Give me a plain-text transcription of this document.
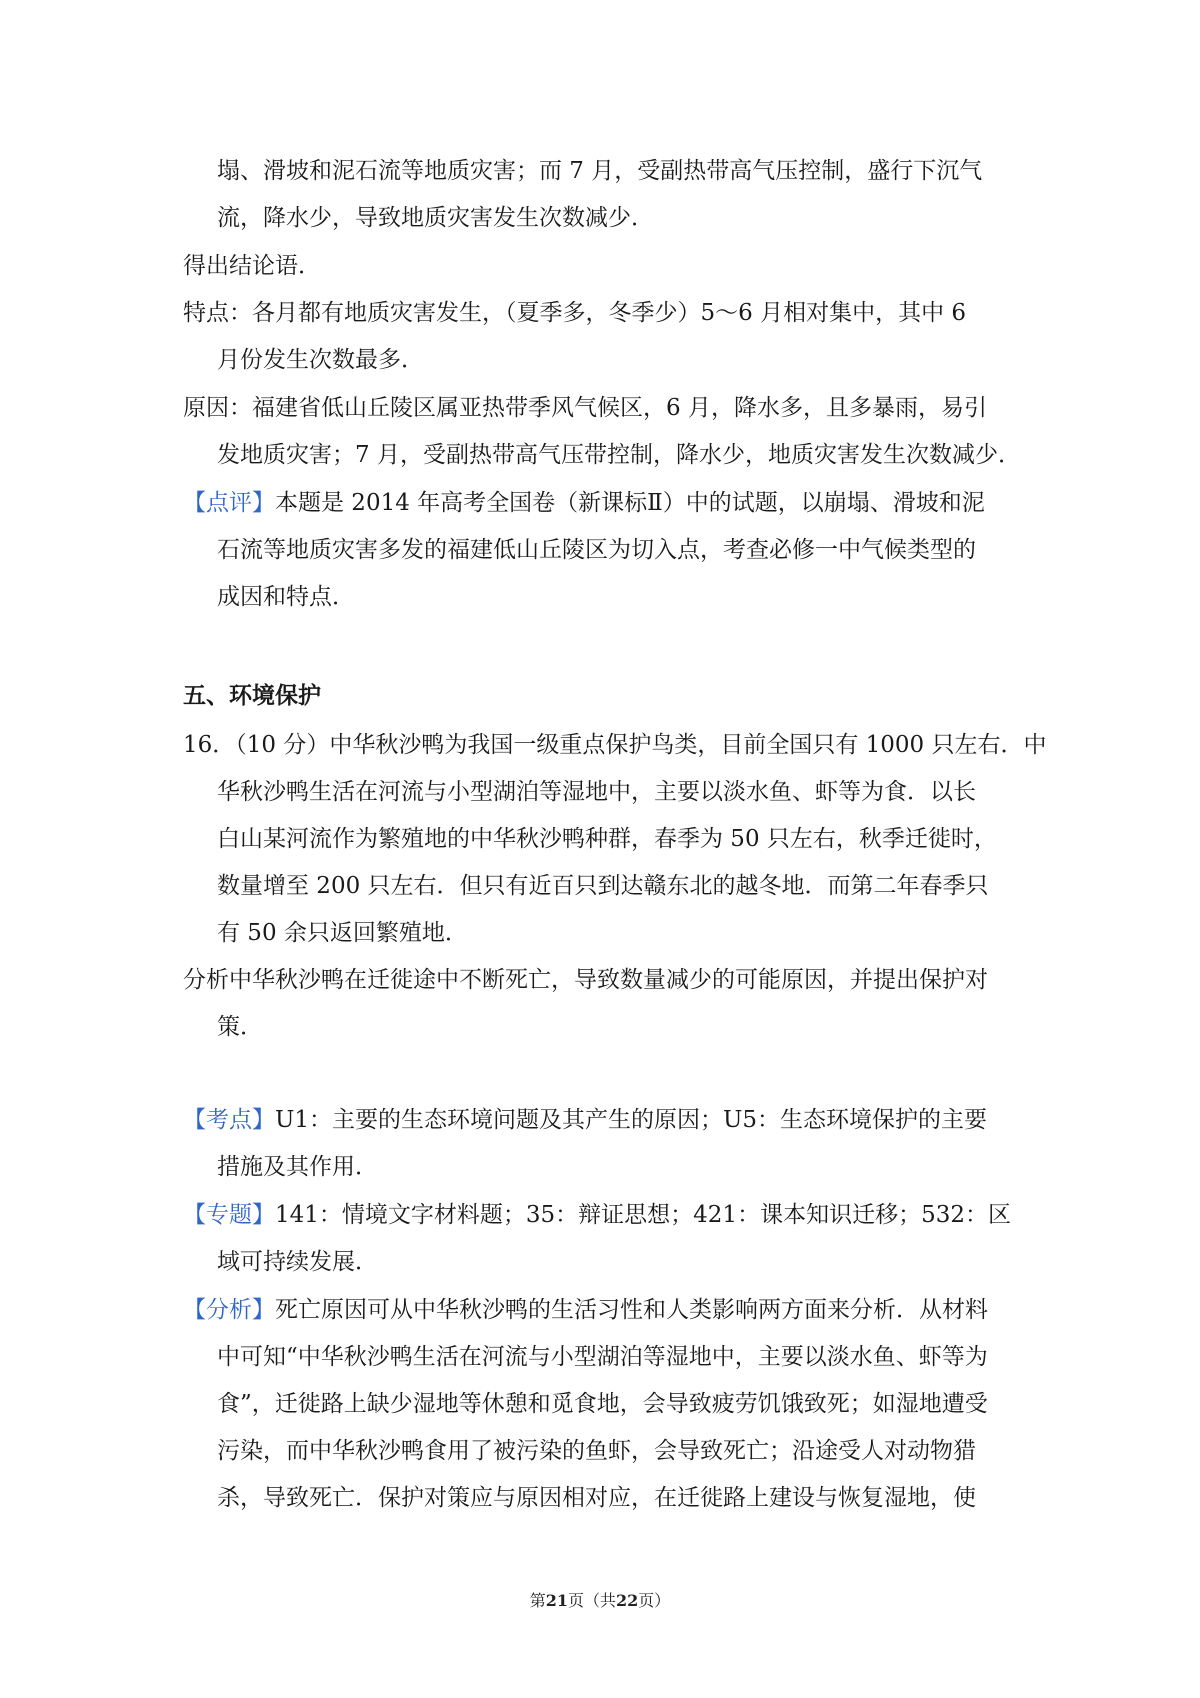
塌、滑坡和泥石流等地质灾害；而 7 月，受副热带高气压控制，盛行下沉气
流，降水少，导致地质灾害发生次数减少．
得出结论语．
特点：各月都有地质灾害发生，（夏季多，冬季少）5～6 月相对集中，其中 6
月份发生次数最多．
原因：福建省低山丘陵区属亚热带季风气候区，6 月，降水多，且多暴雨，易引
发地质灾害；7 月，受副热带高气压带控制，降水少，地质灾害发生次数减少．
【点评】本题是 2014 年高考全国卷（新课标Ⅱ）中的试题，以崩塌、滑坡和泥
石流等地质灾害多发的福建低山丘陵区为切入点，考查必修一中气候类型的
成因和特点．
五、环境保护
16．（10 分）中华秋沙鸭为我国一级重点保护鸟类，目前全国只有 1000 只左右．中
华秋沙鸭生活在河流与小型湖泊等湿地中，主要以淡水鱼、虾等为食．以长
白山某河流作为繁殖地的中华秋沙鸭种群，春季为 50 只左右，秋季迁徙时，
数量增至 200 只左右．但只有近百只到达赣东北的越冬地．而第二年春季只
有 50 余只返回繁殖地．
分析中华秋沙鸭在迁徙途中不断死亡，导致数量减少的可能原因，并提出保护对
策．
【考点】U1：主要的生态环境问题及其产生的原因；U5：生态环境保护的主要
措施及其作用．
【专题】141：情境文字材料题；35：辩证思想；421：课本知识迁移；532：区
域可持续发展．
【分析】死亡原因可从中华秋沙鸭的生活习性和人类影响两方面来分析．从材料
中可知“中华秋沙鸭生活在河流与小型湖泊等湿地中，主要以淡水鱼、虾等为
食”，迁徙路上缺少湿地等休憩和觅食地，会导致疲劳饥饿致死；如湿地遭受
污染，而中华秋沙鸭食用了被污染的鱼虾，会导致死亡；沿途受人对动物猎
杀，导致死亡．保护对策应与原因相对应，在迁徙路上建设与恢复湿地，使
第21页（共22页）
